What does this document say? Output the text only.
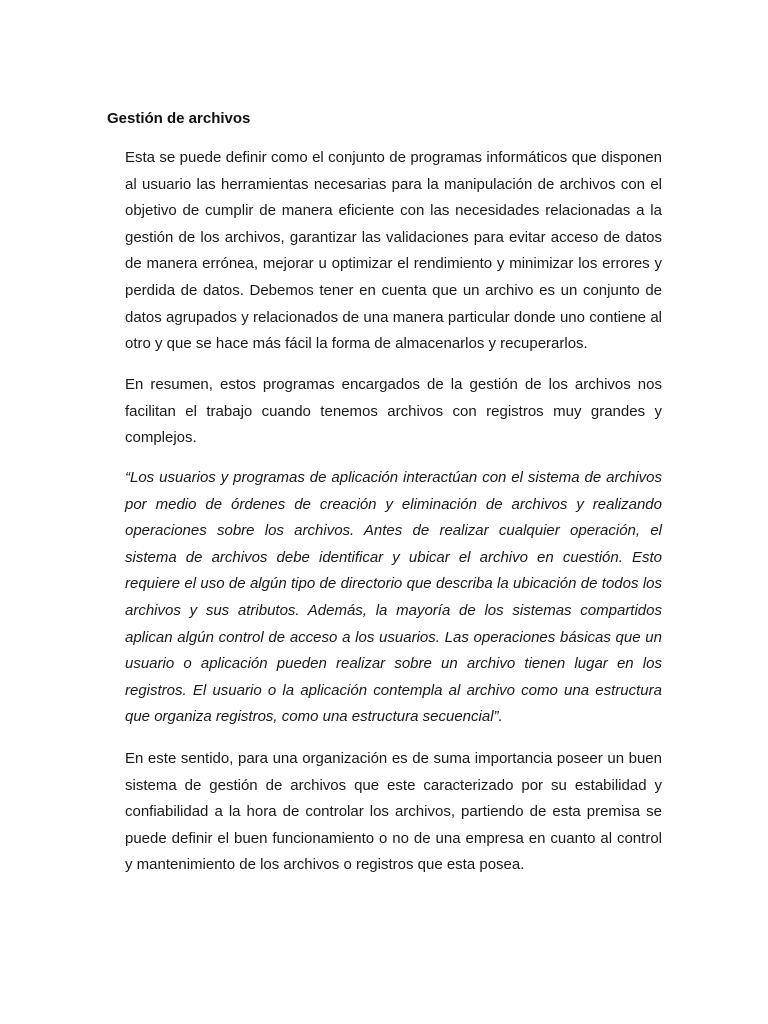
Gestión de archivos

Esta se puede definir como el conjunto de programas informáticos que disponen al usuario las herramientas necesarias para la manipulación de archivos con el objetivo de cumplir de manera eficiente con las necesidades relacionadas a la gestión de los archivos, garantizar las validaciones para evitar acceso de datos de manera errónea, mejorar u optimizar el rendimiento y minimizar los errores y perdida de datos. Debemos tener en cuenta que un archivo es un conjunto de datos agrupados y relacionados de una manera particular donde uno contiene al otro y que se hace más fácil la forma de almacenarlos y recuperarlos.

En resumen, estos programas encargados de la gestión de los archivos nos facilitan el trabajo cuando tenemos archivos con registros muy grandes y complejos.

“Los usuarios y programas de aplicación interactúan con el sistema de archivos por medio de órdenes de creación y eliminación de archivos y realizando operaciones sobre los archivos. Antes de realizar cualquier operación, el sistema de archivos debe identificar y ubicar el archivo en cuestión. Esto requiere el uso de algún tipo de directorio que describa la ubicación de todos los archivos y sus atributos. Además, la mayoría de los sistemas compartidos aplican algún control de acceso a los usuarios. Las operaciones básicas que un usuario o aplicación pueden realizar sobre un archivo tienen lugar en los registros. El usuario o la aplicación contempla al archivo como una estructura que organiza registros, como una estructura secuencial”.

En este sentido, para una organización es de suma importancia poseer un buen sistema de gestión de archivos que este caracterizado por su estabilidad y confiabilidad a la hora de controlar los archivos, partiendo de esta premisa se puede definir el buen funcionamiento o no de una empresa en cuanto al control y mantenimiento de los archivos o registros que esta posea.
